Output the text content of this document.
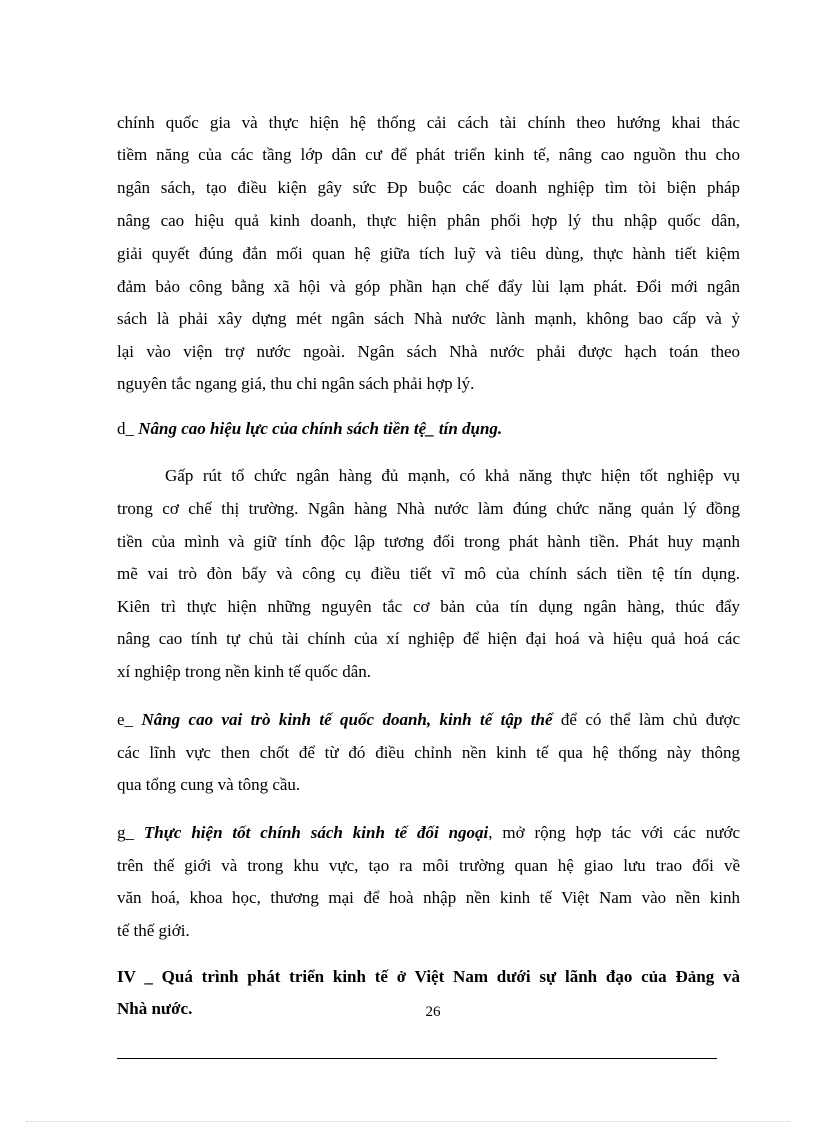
chính quốc gia và thực hiện hệ thống cải cách tài chính theo hướng khai thác
tiềm năng của các tầng lớp dân cư để phát triển kinh tế, nâng cao nguồn thu cho
ngân sách, tạo điều kiện gây sức Ðp buộc các doanh nghiệp tìm tòi biện pháp
nâng cao hiệu quả kinh doanh, thực hiện phân phối hợp lý thu nhập quốc dân,
giải quyết đúng đắn mối quan hệ giữa tích luỹ và tiêu dùng, thực hành tiết kiệm
đảm bảo công bằng xã hội và góp phần hạn chế đẩy lùi lạm phát. Đổi mới ngân
sách là phải xây dựng mét ngân sách Nhà nước lành mạnh, không bao cấp và ỷ
lại vào viện trợ nước ngoài. Ngân sách Nhà nước phải được hạch toán theo
nguyên tắc ngang giá, thu chi ngân sách phải hợp lý.
d_ Nâng cao hiệu lực của chính sách tiền tệ_ tín dụng.
Gấp rút tổ chức ngân hàng đủ mạnh, có khả năng thực hiện tốt nghiệp vụ
trong cơ chế thị trường. Ngân hàng Nhà nước làm đúng chức năng quản lý đồng
tiền của mình và giữ tính độc lập tương đối trong phát hành tiền. Phát huy mạnh
mẽ vai trò đòn bẩy và công cụ điều tiết vĩ mô của chính sách tiền tệ tín dụng.
Kiên trì thực hiện những nguyên tắc cơ bản của tín dụng ngân hàng, thúc đẩy
nâng cao tính tự chủ tài chính của xí nghiệp để hiện đại hoá và hiệu quả hoá các
xí nghiệp trong nền kinh tế quốc dân.
e_ Nâng cao vai trò kinh tế quốc doanh, kinh tế tập thể để có thể làm chủ được
các lĩnh vực then chốt để từ đó điều chỉnh nền kinh tế qua hệ thống này thông
qua tổng cung và tông cầu.
g_ Thực hiện tốt chính sách kinh tế đối ngoại, mở rộng hợp tác với các nước
trên thế giới và trong khu vực, tạo ra môi trường quan hệ giao lưu trao đổi về
văn hoá, khoa học, thương mại để hoà nhập nền kinh tế Việt Nam vào nền kinh
tế thế giới.
IV _ Quá trình phát triển kinh tế ở Việt Nam dưới sự lãnh đạo của Đảng và
Nhà nước.	26
